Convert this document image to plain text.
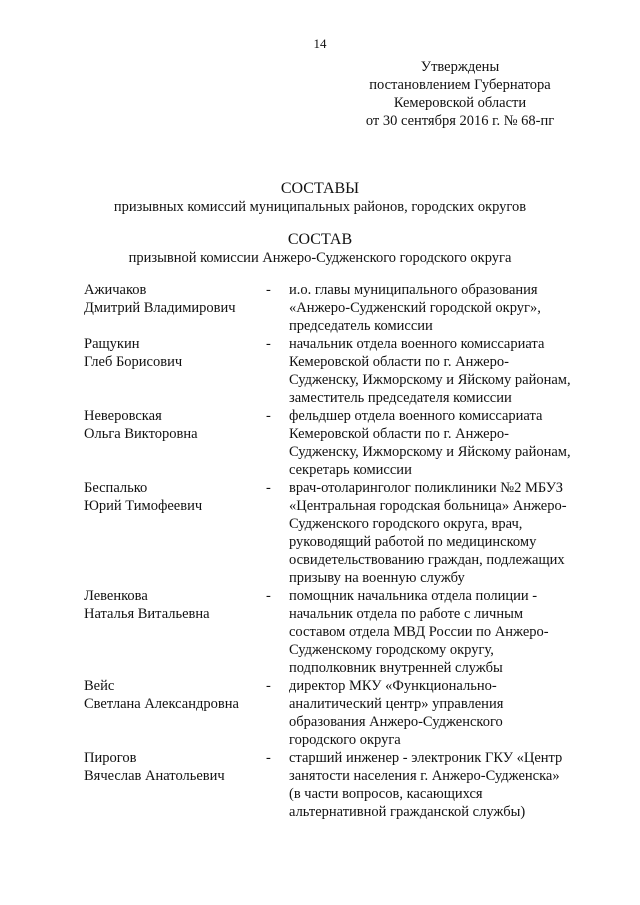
14
Утверждены
постановлением Губернатора
Кемеровской области
от 30 сентября 2016 г. № 68-пг
СОСТАВЫ
призывных комиссий муниципальных районов, городских округов
СОСТАВ
призывной комиссии Анжеро-Судженского городского округа
Ажичаков
Дмитрий Владимирович
-	и.о. главы муниципального образования
«Анжеро-Судженский городской округ»,
председатель комиссии
Ращукин
Глеб Борисович
-	начальник отдела военного комиссариата
Кемеровской области по г. Анжеро-
Судженску, Ижморскому и Яйскому районам,
заместитель председателя комиссии
Неверовская
Ольга Викторовна
-	фельдшер отдела военного комиссариата
Кемеровской области по г. Анжеро-
Судженску, Ижморскому и Яйскому районам,
секретарь комиссии
Беспалько
Юрий Тимофеевич
-	врач-отоларинголог поликлиники №2 МБУЗ
«Центральная городская больница» Анжеро-
Судженского городского округа, врач,
руководящий работой по медицинскому
освидетельствованию граждан, подлежащих
призыву на военную службу
Левенкова
Наталья Витальевна
-	помощник начальника отдела полиции -
начальник отдела по работе с личным
составом отдела МВД России по Анжеро-
Судженскому городскому округу,
подполковник внутренней службы
Вейс
Светлана Александровна
-	директор МКУ «Функционально-
аналитический центр» управления
образования Анжеро-Судженского
городского округа
Пирогов
Вячеслав Анатольевич
-	старший инженер - электроник ГКУ «Центр
занятости населения г. Анжеро-Судженска»
(в части вопросов, касающихся
альтернативной гражданской службы)
